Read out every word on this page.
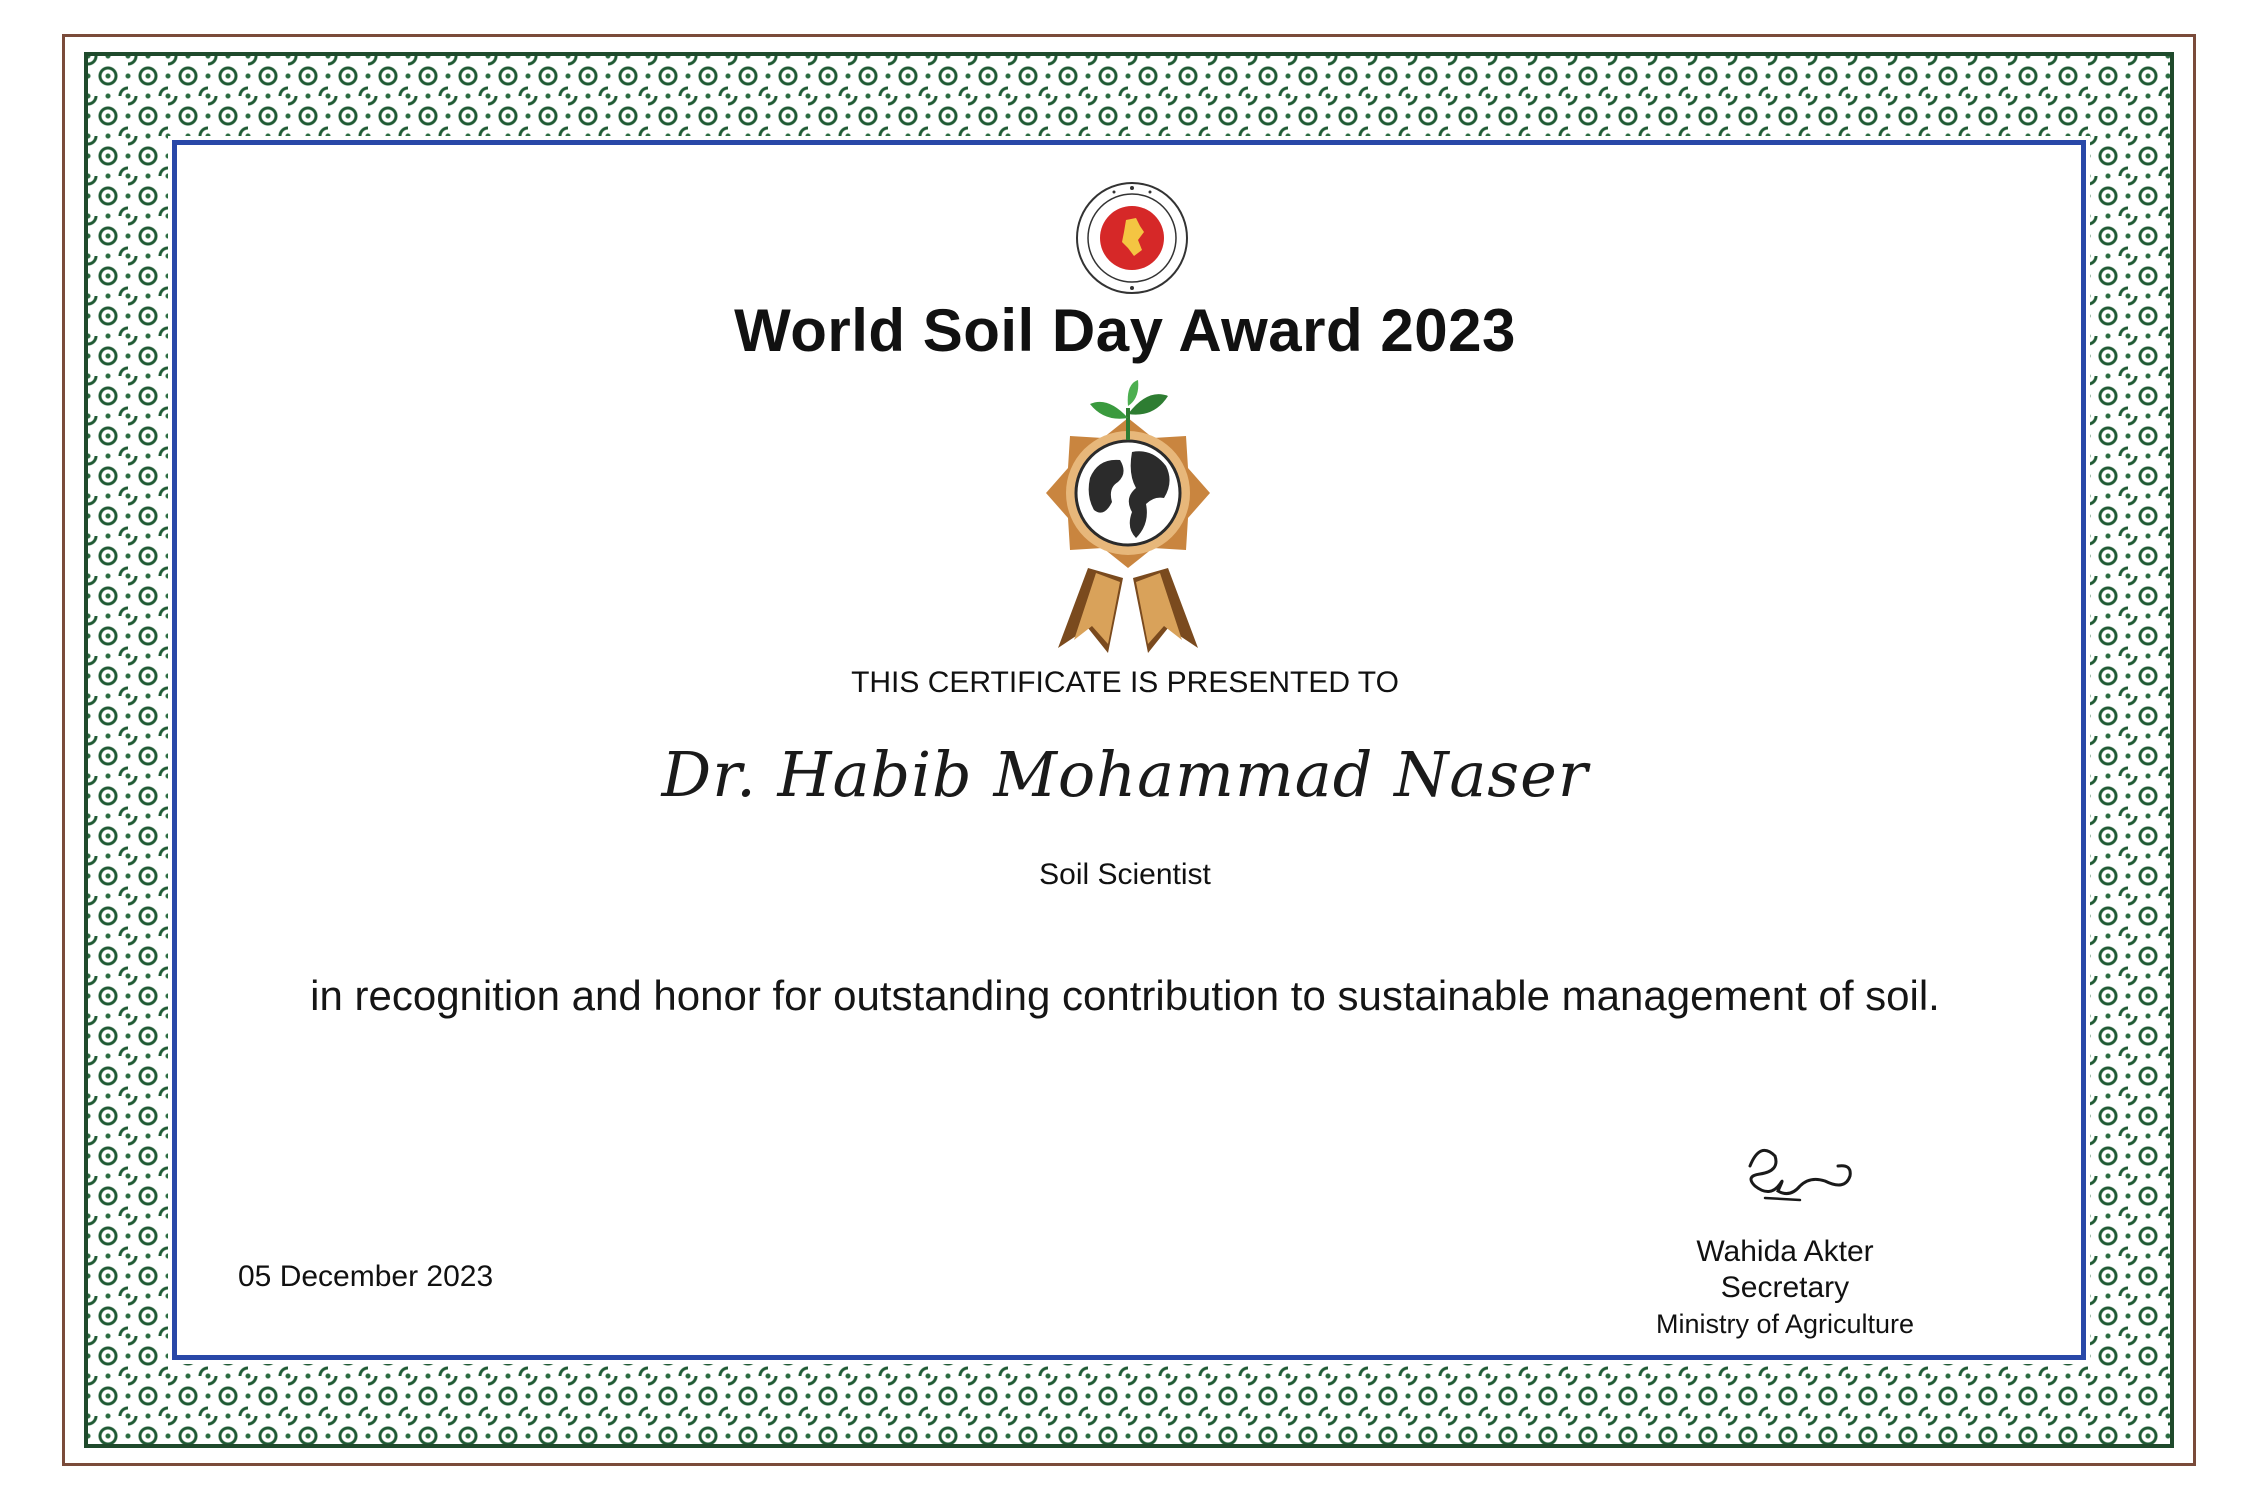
World Soil Day Award 2023
THIS CERTIFICATE IS PRESENTED TO
Dr. Habib Mohammad Naser
Soil Scientist
in recognition and honor for outstanding contribution to sustainable management of soil.
05 December 2023
Wahida Akter
Secretary
Ministry of Agriculture
